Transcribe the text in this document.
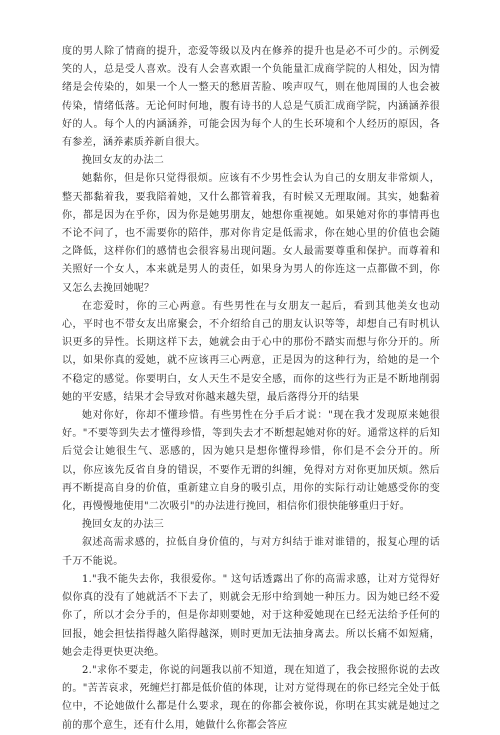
度的男人除了情商的提升，恋爱等级以及内在修养的提升也是必不可少的。示例爱笑的人，总是受人喜欢。没有人会喜欢跟一个负能量汇成商学院的人相处，因为情绪是会传染的，如果一个人一整天的愁眉苦脸、唉声叹气，则在他周围的人也会被传染，情绪低落。无论何时何地，腹有诗书的人总是气质汇成商学院，内涵涵养很好的人。每个人的内涵涵养，可能会因为每个人的生长环境和个人经历的原因，各有参差，涵养素质养新自很大。

挽回女友的办法二

她黏你，但是你只觉得很烦。应该有不少男性会认为自己的女朋友非常烦人，整天都黏着我，要我陪着她，又什么都管着我，有时候又无理取闹。其实，她黏着你，都是因为在乎你，因为你是她男朋友，她想你重视她。如果她对你的事情再也不论不问了，也不需要你的陪伴，那对你肯定是低需求，你在她心里的价值也会随之降低，这样你们的感情也会很容易出现问题。女人最需要尊重和保护。而尊着和关照好一个女人，本来就是男人的责任，如果身为男人的你连这一点都做不到，你又怎么去挽回她呢？

在恋爱时，你的三心两意。有些男性在与女朋友一起后，看到其他美女也动心，平时也不带女友出席聚会，不介绍给自己的朋友认识等等，却想自己有时机认识更多的异性。长期这样下去，她就会由于心中的那份不踏实而想与你分开的。所以，如果你真的爱她，就不应该再三心两意，正是因为的这种行为，给她的是一个不稳定的感觉。你要明白，女人天生不是安全感，而你的这些行为正是不断地削弱她的平安感，结果才会导致对你越来越失望，最后落得分开的结果

她对你好，你却不懂珍惜。有些男性在分手后才说："现在我才发现原来她很好。"不要等到失去才懂得珍惜，等到失去才不断想起她对你的好。通常这样的后知后觉会让她很生气、恶感的，因为她只是想你懂得珍惜，你们是不会分开的。所以，你应该先反省自身的错误，不要作无谓的纠缠，免得对方对你更加厌烦。然后再不断提高自身的价值，重新建立自身的吸引点，用你的实际行动让她感受你的变化，再慢慢地使用"二次吸引"的办法进行挽回，相信你们很快能够重归于好。

挽回女友的办法三

叙述高需求感的，拉低自身价值的，与对方纠结于谁对谁错的，报复心理的话千万不能说。

1."我不能失去你，我很爱你。" 这句话透露出了你的高需求感，让对方觉得好似你真的没有了她就活不下去了，则就会无形中给到她一种压力。因为她已经不爱你了，所以才会分手的，但是你却则要她，对于这种爱她现在已经无法给予任何的回报，她会担怯指得越久陷得越深，则时更加无法抽身离去。所以长痛不如短痛，她会走得更快更决绝。

2."求你不要走，你说的问题我以前不知道，现在知道了，我会按照你说的去改的。"苦苦哀求，死缠烂打都是低价值的体现，让对方觉得现在的你已经完全处于低位中，不论她做什么都是什么要求，现在的你都会被你说，你明在其实就是她过之前的那个意生，还有什么用，她做什么你都会答应
